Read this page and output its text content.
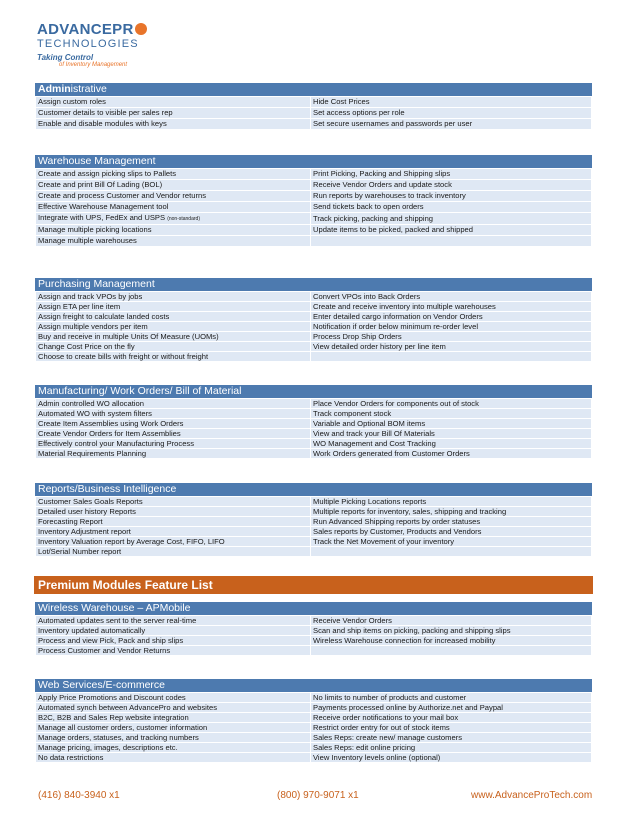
ADVANCEPR
TECHNOLOGIES
Taking Control
of Inventory Management
Administrative
Assign custom roles	Hide Cost Prices
Customer details to visible per sales rep	Set access options per role
Enable and disable modules with keys	Set secure usernames and passwords per user
Warehouse Management
Create and assign picking slips to Pallets	Print Picking, Packing and Shipping slips
Create and print Bill Of Lading (BOL)	Receive Vendor Orders and update stock
Create and process Customer and Vendor returns	Run reports by warehouses to track inventory
Effective Warehouse Management tool	Send tickets back to open orders
Integrate with UPS, FedEx and USPS (non-standard)	Track picking, packing and shipping
Manage multiple picking locations	Update items to be picked, packed and shipped
Manage multiple warehouses	
Purchasing Management
Assign and track VPOs by jobs	Convert VPOs into Back Orders
Assign ETA per line item	Create and receive inventory into multiple warehouses
Assign freight to calculate landed costs	Enter detailed cargo information on Vendor Orders
Assign multiple vendors per item	Notification if order below minimum re-order level
Buy and receive in multiple Units Of Measure (UOMs)	Process Drop Ship Orders
Change Cost Price on the fly	View detailed order history per line item
Choose to create bills with freight or without freight	
Manufacturing/ Work Orders/ Bill of Material
Admin controlled WO allocation	Place Vendor Orders for components out of stock
Automated WO with system filters	Track component stock
Create Item Assemblies using Work Orders	Variable and Optional BOM items
Create Vendor Orders for Item Assemblies	View and track your Bill Of Materials
Effectively control your Manufacturing Process	WO Management and Cost Tracking
Material Requirements Planning	Work Orders generated from Customer Orders
Reports/Business Intelligence
Customer Sales Goals Reports	Multiple Picking Locations reports
Detailed user history Reports	Multiple reports for inventory, sales, shipping and tracking
Forecasting Report	Run Advanced Shipping reports by order statuses
Inventory Adjustment report	Sales reports by Customer, Products and Vendors
Inventory Valuation report by Average Cost, FIFO, LIFO	Track the Net Movement of your inventory
Lot/Serial Number report	
Premium Modules Feature List
Wireless Warehouse – APMobile
Automated updates sent to the server real-time	Receive Vendor Orders
Inventory updated automatically	Scan and ship items on picking, packing and shipping slips
Process and view Pick, Pack and ship slips	Wireless Warehouse connection for increased mobility
Process Customer and Vendor Returns	
Web Services/E-commerce
Apply Price Promotions and Discount codes	No limits to number of products and customer
Automated synch between AdvancePro and websites	Payments processed online by Authorize.net and Paypal
B2C, B2B and Sales Rep website integration	Receive order notifications to your mail box
Manage all customer orders, customer information	Restrict order entry for out of stock items
Manage orders, statuses, and tracking numbers	Sales Reps: create new/ manage customers
Manage pricing, images, descriptions etc.	Sales Reps: edit online pricing
No data restrictions	View Inventory levels online (optional)
(416) 840-3940 x1	(800) 970-9071 x1	www.AdvanceProTech.com
